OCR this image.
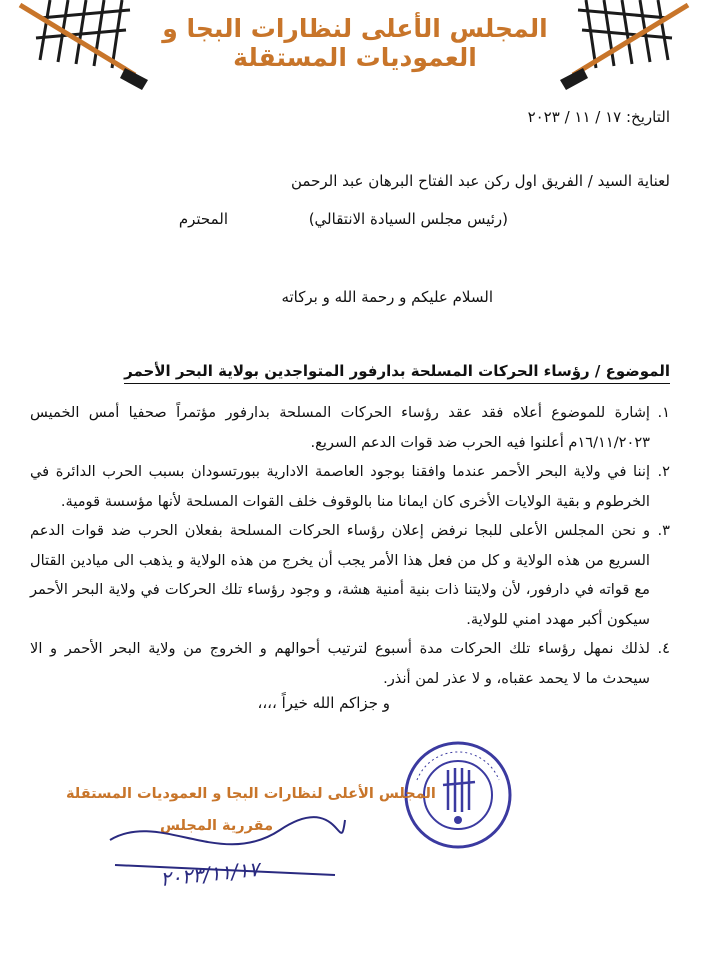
المجلس الأعلى لنظارات البجا و العموديات المستقلة
التاريخ: ١٧ / ١١ / ٢٠٢٣
لعناية السيد / الفريق اول ركن عبد الفتاح البرهان عبد الرحمن
(رئيس مجلس السيادة الانتقالي)
المحترم
السلام عليكم و رحمة الله و بركاته
الموضوع / رؤساء الحركات المسلحة بدارفور المتواجدين بولاية البحر الأحمر
١.
إشارة للموضوع أعلاه فقد عقد رؤساء الحركات المسلحة بدارفور مؤتمراً صحفيا أمس الخميس ١٦/١١/٢٠٢٣م أعلنوا فيه الحرب ضد قوات الدعم السريع.
٢.
إننا في ولاية البحر الأحمر عندما وافقنا بوجود العاصمة الادارية ببورتسودان بسبب الحرب الدائرة في الخرطوم و بقية الولايات الأخرى كان ايمانا منا بالوقوف خلف القوات المسلحة لأنها مؤسسة قومية.
٣.
و نحن المجلس الأعلى للبجا نرفض إعلان رؤساء الحركات المسلحة بفعلان الحرب ضد قوات الدعم السريع من هذه الولاية و كل من فعل هذا الأمر يجب أن يخرج من هذه الولاية و يذهب الى ميادين القتال مع قواته في دارفور، لأن ولايتنا ذات بنية أمنية هشة، و وجود رؤساء تلك الحركات في ولاية البحر الأحمر سيكون أكبر مهدد امني للولاية.
٤.
لذلك نمهل رؤساء تلك الحركات مدة أسبوع لترتيب أحوالهم و الخروج من ولاية البحر الأحمر و الا سيحدث ما لا يحمد عقباه، و لا عذر لمن أنذر.
و جزاكم الله خيراً ،،،،
المجلس الأعلى لنظارات البجا و العموديات المستقلة
مقررية المجلس
٢٠٢٣/١١/١٧
